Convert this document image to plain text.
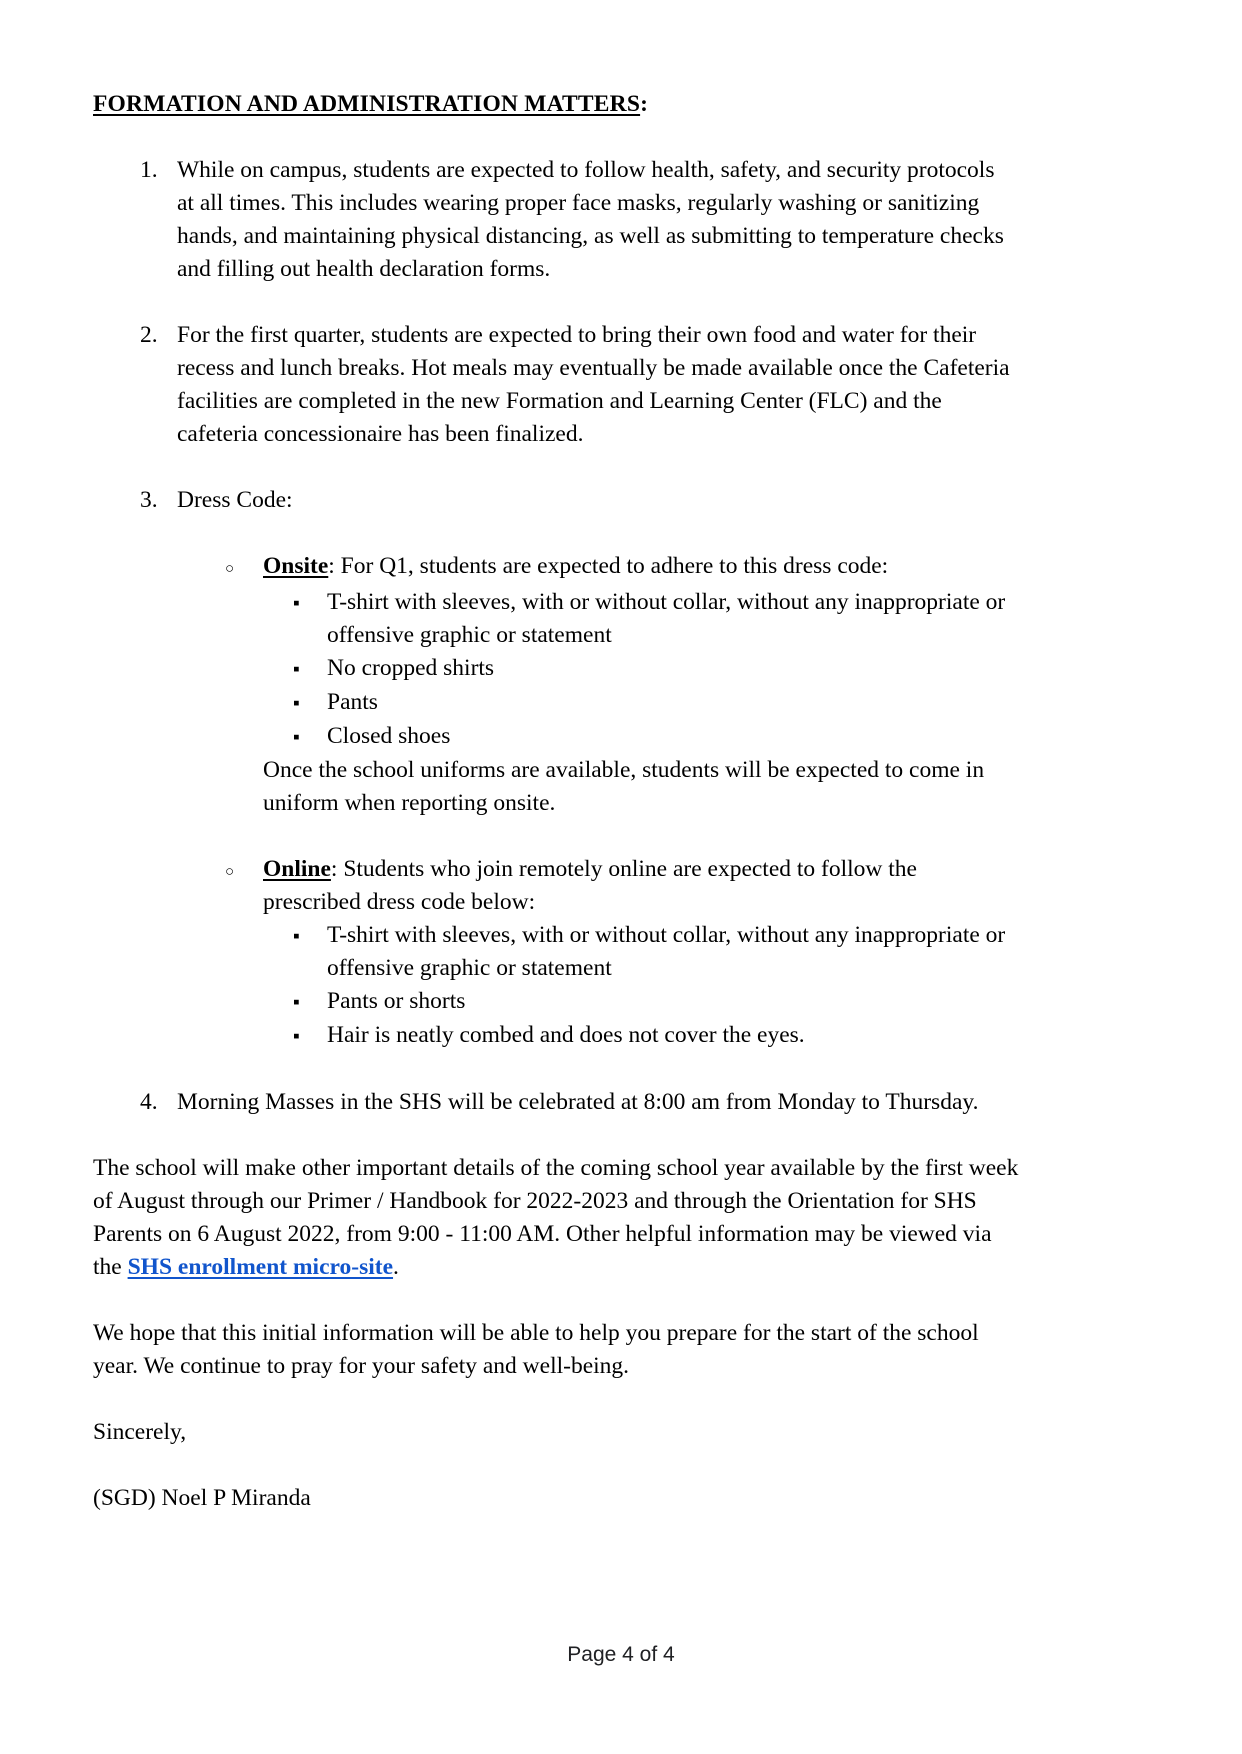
FORMATION AND ADMINISTRATION MATTERS:
1. While on campus, students are expected to follow health, safety, and security protocols at all times. This includes wearing proper face masks, regularly washing or sanitizing hands, and maintaining physical distancing, as well as submitting to temperature checks and filling out health declaration forms.
2. For the first quarter, students are expected to bring their own food and water for their recess and lunch breaks. Hot meals may eventually be made available once the Cafeteria facilities are completed in the new Formation and Learning Center (FLC) and the cafeteria concessionaire has been finalized.
3. Dress Code:
○
Onsite: For Q1, students are expected to adhere to this dress code:
▪
T-shirt with sleeves, with or without collar, without any inappropriate or offensive graphic or statement
▪
No cropped shirts
▪
Pants
▪
Closed shoes
Once the school uniforms are available, students will be expected to come in uniform when reporting onsite.
○
Online: Students who join remotely online are expected to follow the prescribed dress code below:
▪
T-shirt with sleeves, with or without collar, without any inappropriate or offensive graphic or statement
▪
Pants or shorts
▪
Hair is neatly combed and does not cover the eyes.
4. Morning Masses in the SHS will be celebrated at 8:00 am from Monday to Thursday.

The school will make other important details of the coming school year available by the first week of August through our Primer / Handbook for 2022-2023 and through the Orientation for SHS Parents on 6 August 2022, from 9:00 - 11:00 AM. Other helpful information may be viewed via the SHS enrollment micro-site.

We hope that this initial information will be able to help you prepare for the start of the school year. We continue to pray for your safety and well-being.

Sincerely,

(SGD) Noel P Miranda

Page 4 of 4
